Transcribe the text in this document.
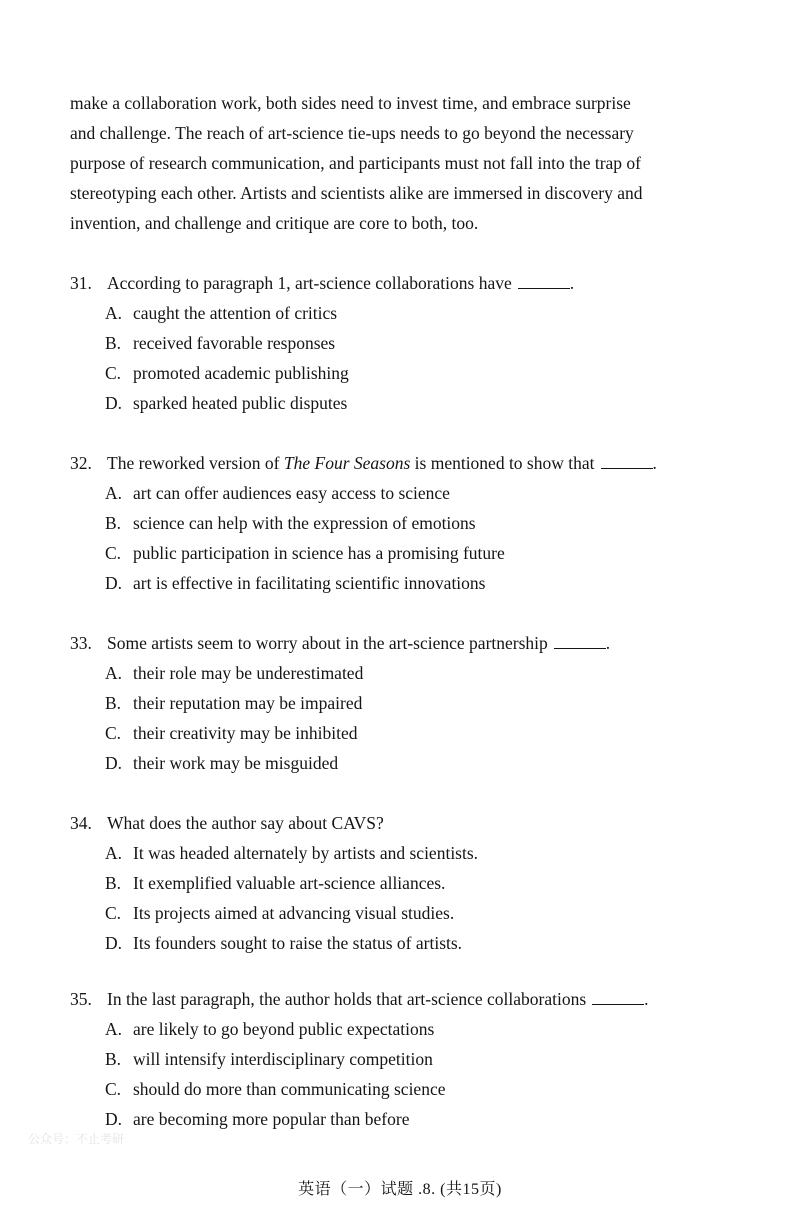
make a collaboration work, both sides need to invest time, and embrace surprise
and challenge. The reach of art-science tie-ups needs to go beyond the necessary
purpose of research communication, and participants must not fall into the trap of
stereotyping each other. Artists and scientists alike are immersed in discovery and
invention, and challenge and critique are core to both, too.
31. According to paragraph 1, art-science collaborations have	.
A. caught the attention of critics
B. received favorable responses
C. promoted academic publishing
D. sparked heated public disputes
32. The reworked version of The Four Seasons is mentioned to show that	.
A. art can offer audiences easy access to science
B. science can help with the expression of emotions
C. public participation in science has a promising future
D. art is effective in facilitating scientific innovations
33. Some artists seem to worry about in the art-science partnership	.
A. their role may be underestimated
B. their reputation may be impaired
C. their creativity may be inhibited
D. their work may be misguided
34. What does the author say about CAVS?
A. It was headed alternately by artists and scientists.
B. It exemplified valuable art-science alliances.
C. Its projects aimed at advancing visual studies.
D. Its founders sought to raise the status of artists.
35. In the last paragraph, the author holds that art-science collaborations	.
A. are likely to go beyond public expectations
B. will intensify interdisciplinary competition
C. should do more than communicating science
D. are becoming more popular than before
公众号：不止考研
英语（一）试题 .8. (共15页)
